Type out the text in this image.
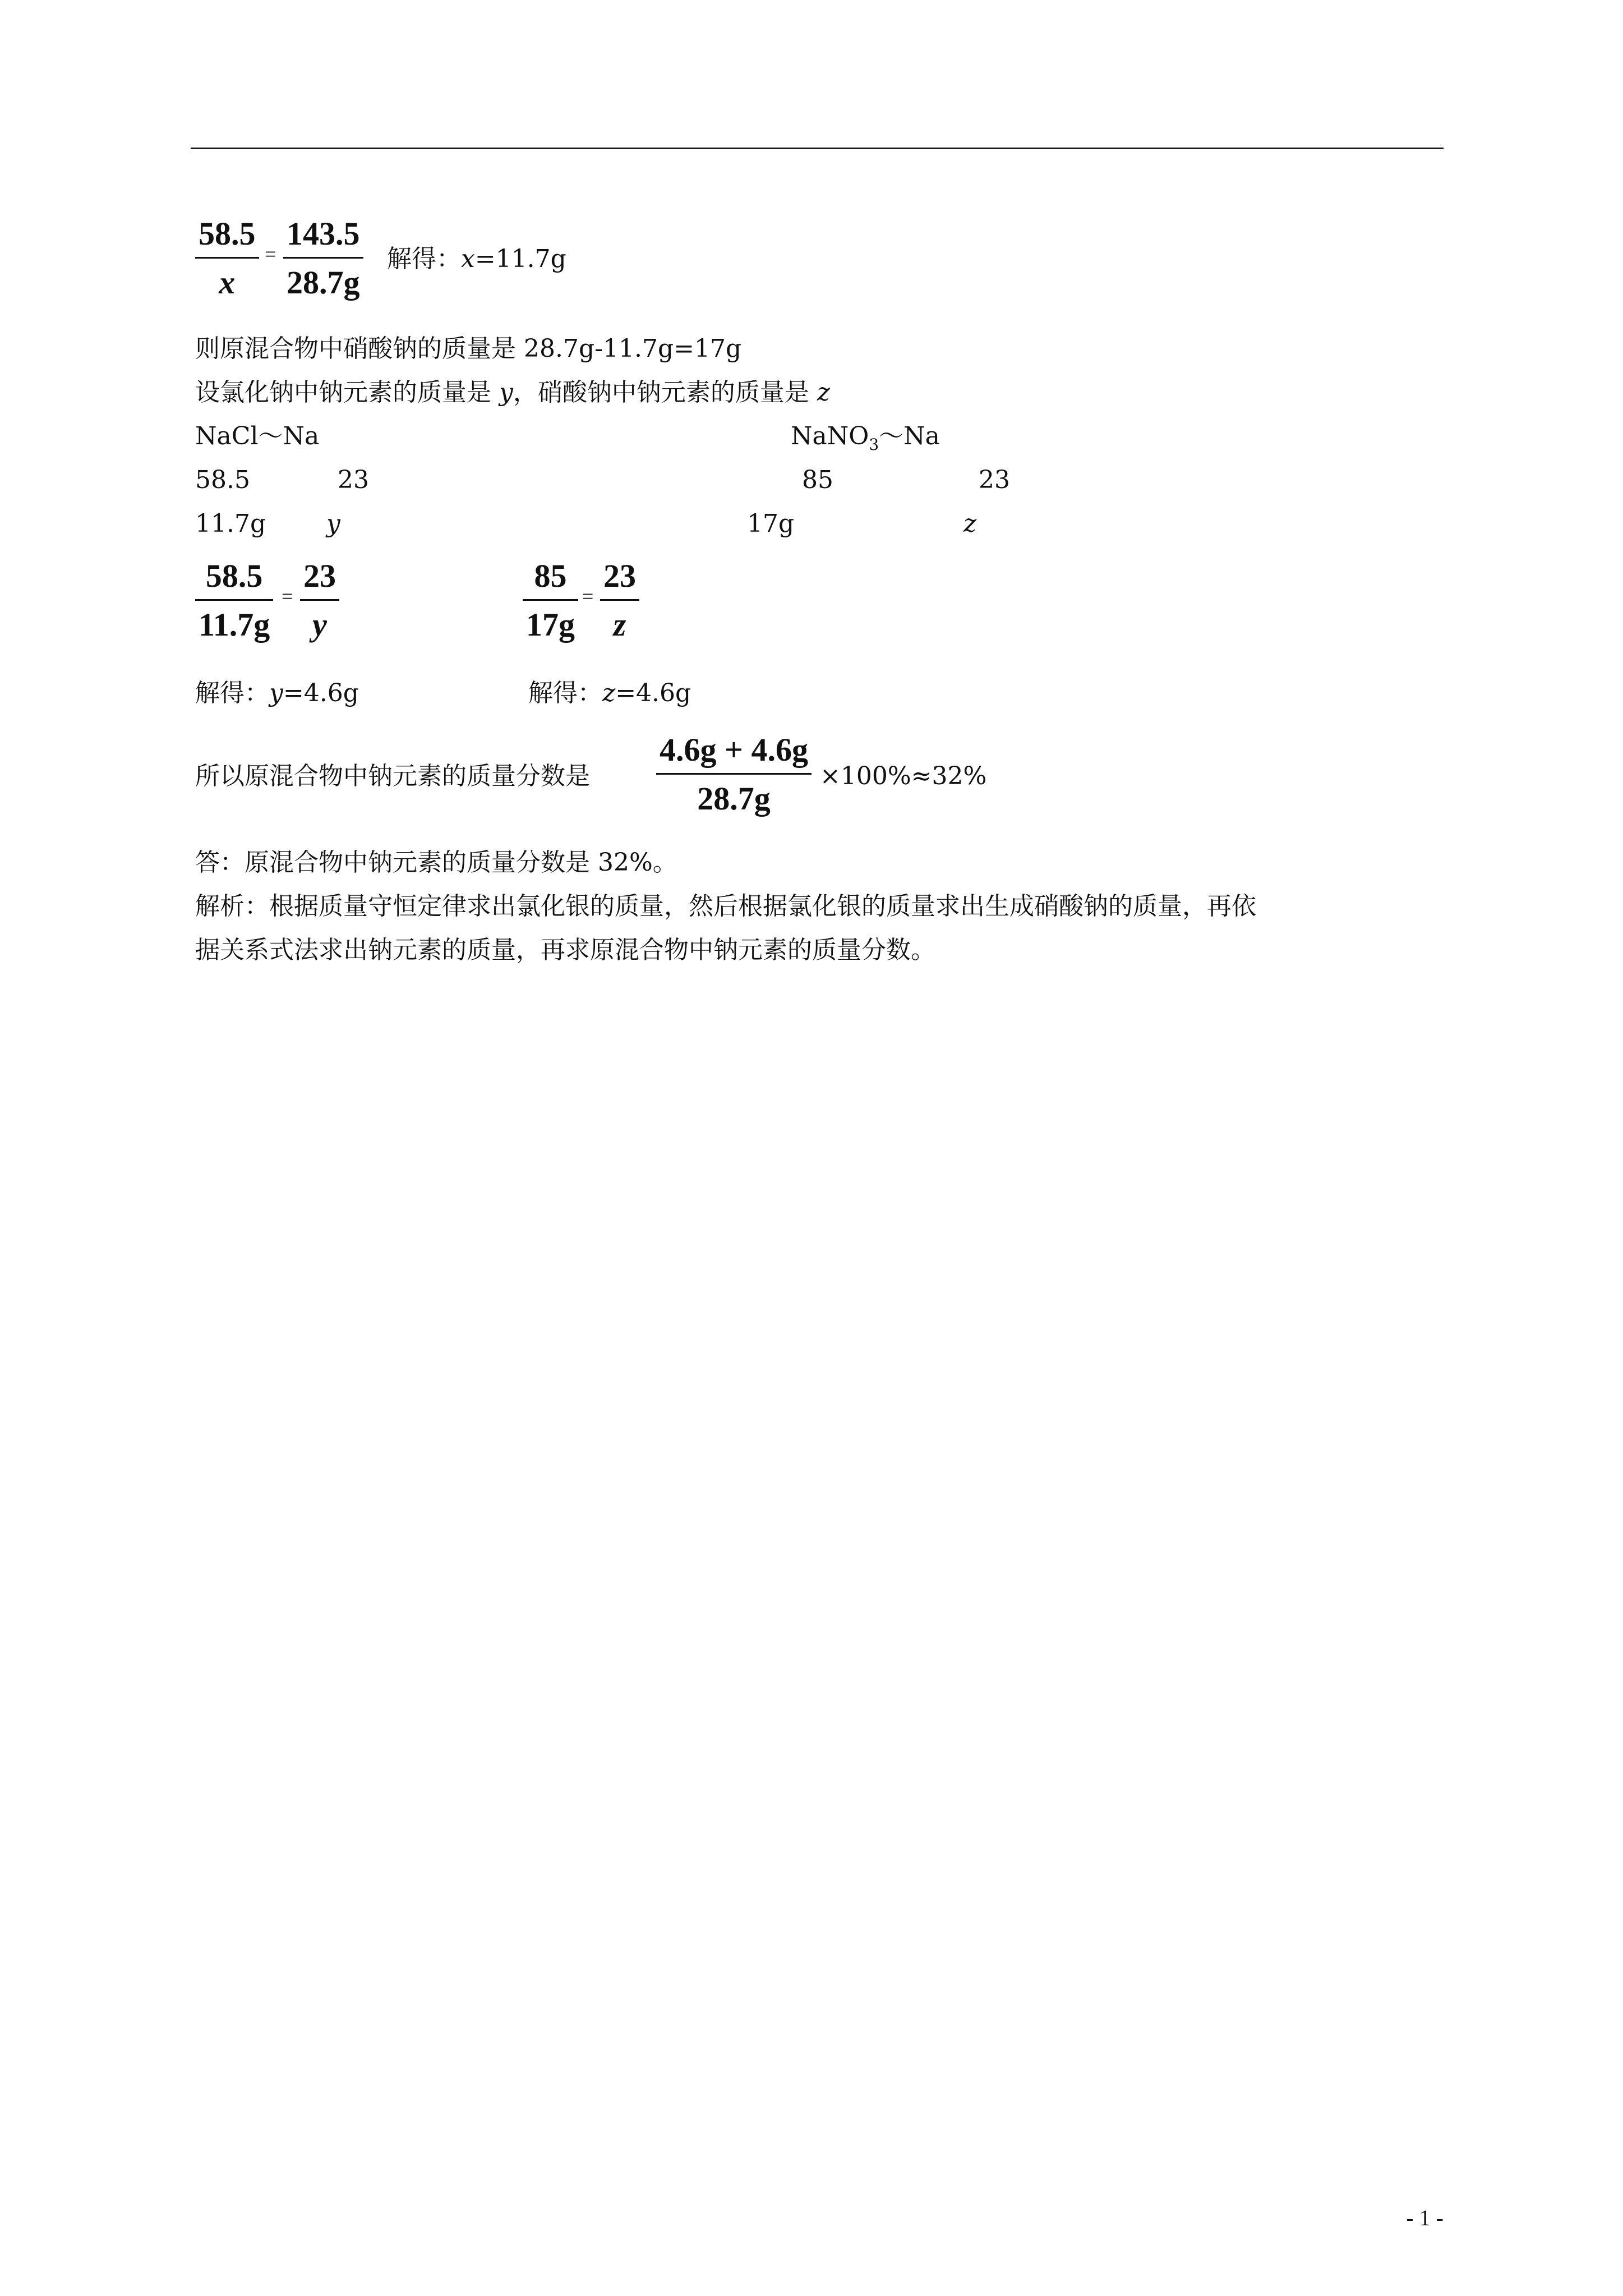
58.5
x
=
143.5
28.7g
解得：x=11.7g
则原混合物中硝酸钠的质量是 28.7g-11.7g=17g
设氯化钠中钠元素的质量是 y，硝酸钠中钠元素的质量是 z
NaCl～Na
58.5	23
11.7g y
NaNO$_3$～Na
85	23
17g	z
58.5
11.7g
=
23
y
85
17g
=
23
z
解得：y=4.6g	解得：z=4.6g
所以原混合物中钠元素的质量分数是
4.6g + 4.6g
28.7g
×100%≈32%
答：原混合物中钠元素的质量分数是 32%。
解析：根据质量守恒定律求出氯化银的质量，然后根据氯化银的质量求出生成硝酸钠的质量，再依
据关系式法求出钠元素的质量，再求原混合物中钠元素的质量分数。
- 1 -
